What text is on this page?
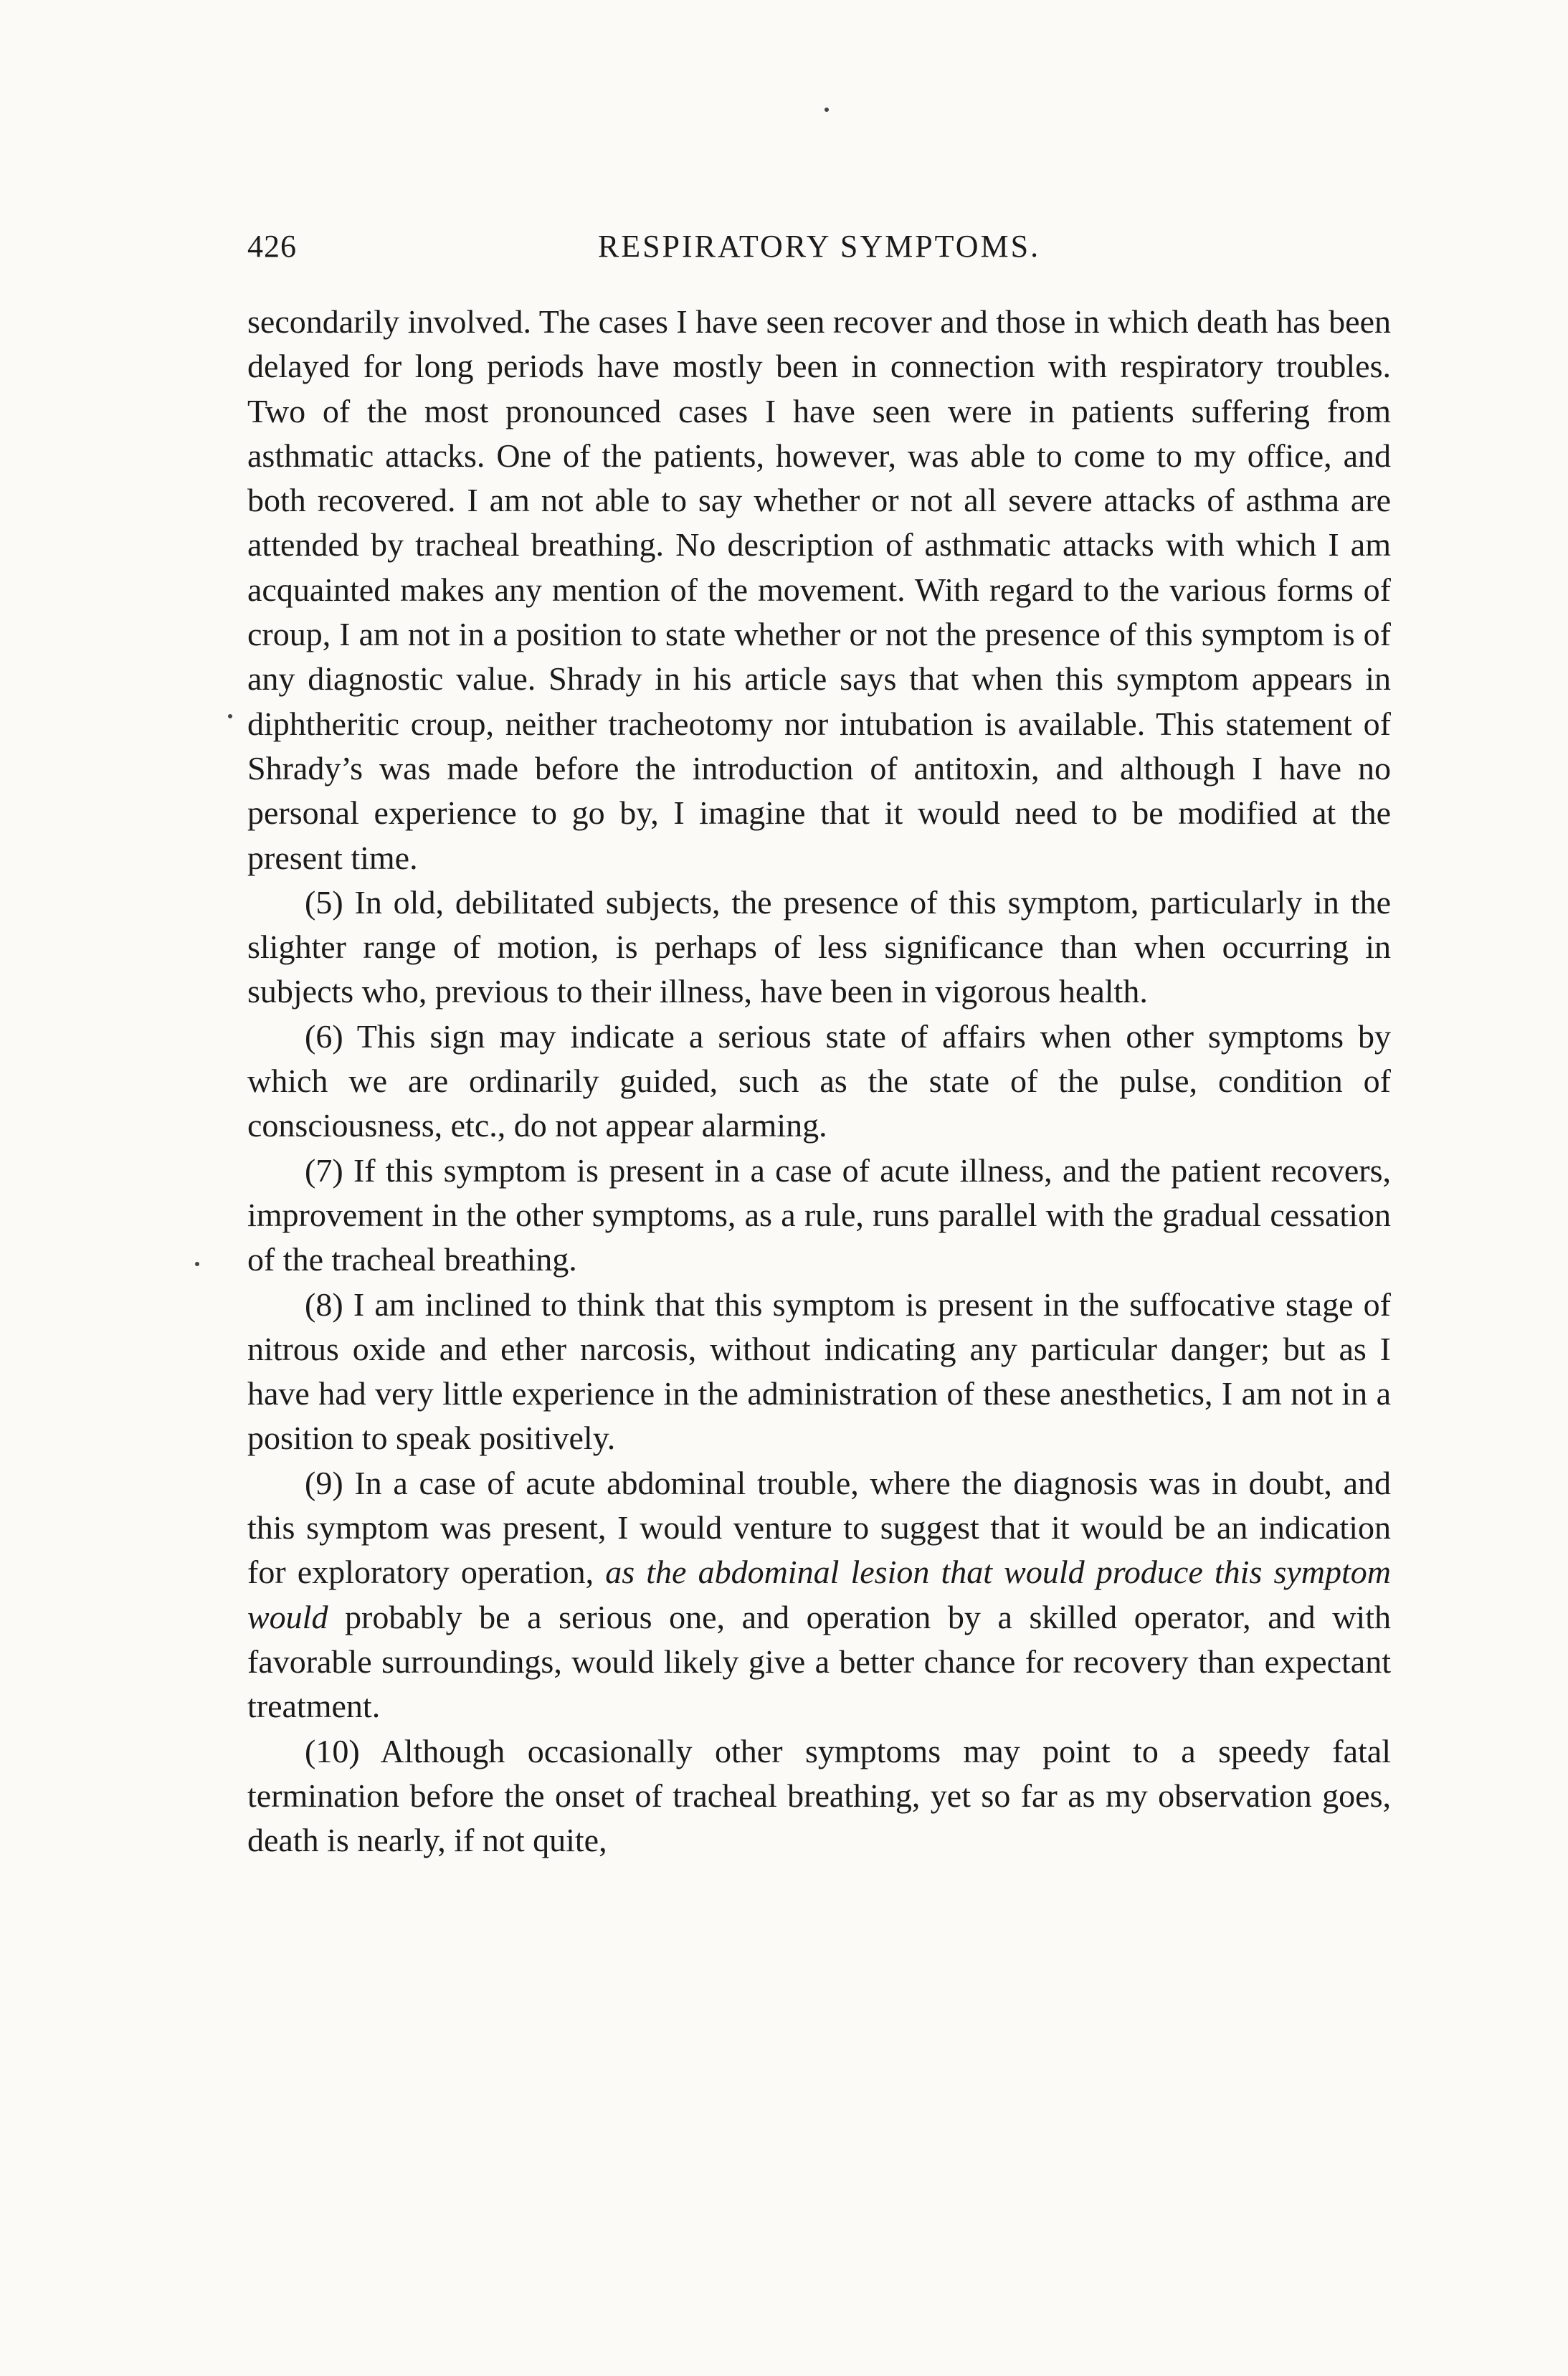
426	RESPIRATORY SYMPTOMS.

secondarily involved. The cases I have seen recover and those in which death has been delayed for long periods have mostly been in connection with respiratory troubles. Two of the most pronounced cases I have seen were in patients suffering from asthmatic attacks. One of the patients, however, was able to come to my office, and both recovered. I am not able to say whether or not all severe attacks of asthma are attended by tracheal breathing. No description of asthmatic attacks with which I am acquainted makes any mention of the movement. With regard to the various forms of croup, I am not in a position to state whether or not the presence of this symptom is of any diagnostic value. Shrady in his article says that when this symptom appears in diphtheritic croup, neither tracheotomy nor intubation is available. This statement of Shrady’s was made before the introduction of antitoxin, and although I have no personal experience to go by, I imagine that it would need to be modified at the present time.

(5) In old, debilitated subjects, the presence of this symptom, particularly in the slighter range of motion, is perhaps of less significance than when occurring in subjects who, previous to their illness, have been in vigorous health.

(6) This sign may indicate a serious state of affairs when other symptoms by which we are ordinarily guided, such as the state of the pulse, condition of consciousness, etc., do not appear alarming.

(7) If this symptom is present in a case of acute illness, and the patient recovers, improvement in the other symptoms, as a rule, runs parallel with the gradual cessation of the tracheal breathing.

(8) I am inclined to think that this symptom is present in the suffocative stage of nitrous oxide and ether narcosis, without indicating any particular danger; but as I have had very little experience in the administration of these anesthetics, I am not in a position to speak positively.

(9) In a case of acute abdominal trouble, where the diagnosis was in doubt, and this symptom was present, I would venture to suggest that it would be an indication for exploratory operation, as the abdominal lesion that would produce this symptom would probably be a serious one, and operation by a skilled operator, and with favorable surroundings, would likely give a better chance for recovery than expectant treatment.

(10) Although occasionally other symptoms may point to a speedy fatal termination before the onset of tracheal breathing, yet so far as my observation goes, death is nearly, if not quite,
